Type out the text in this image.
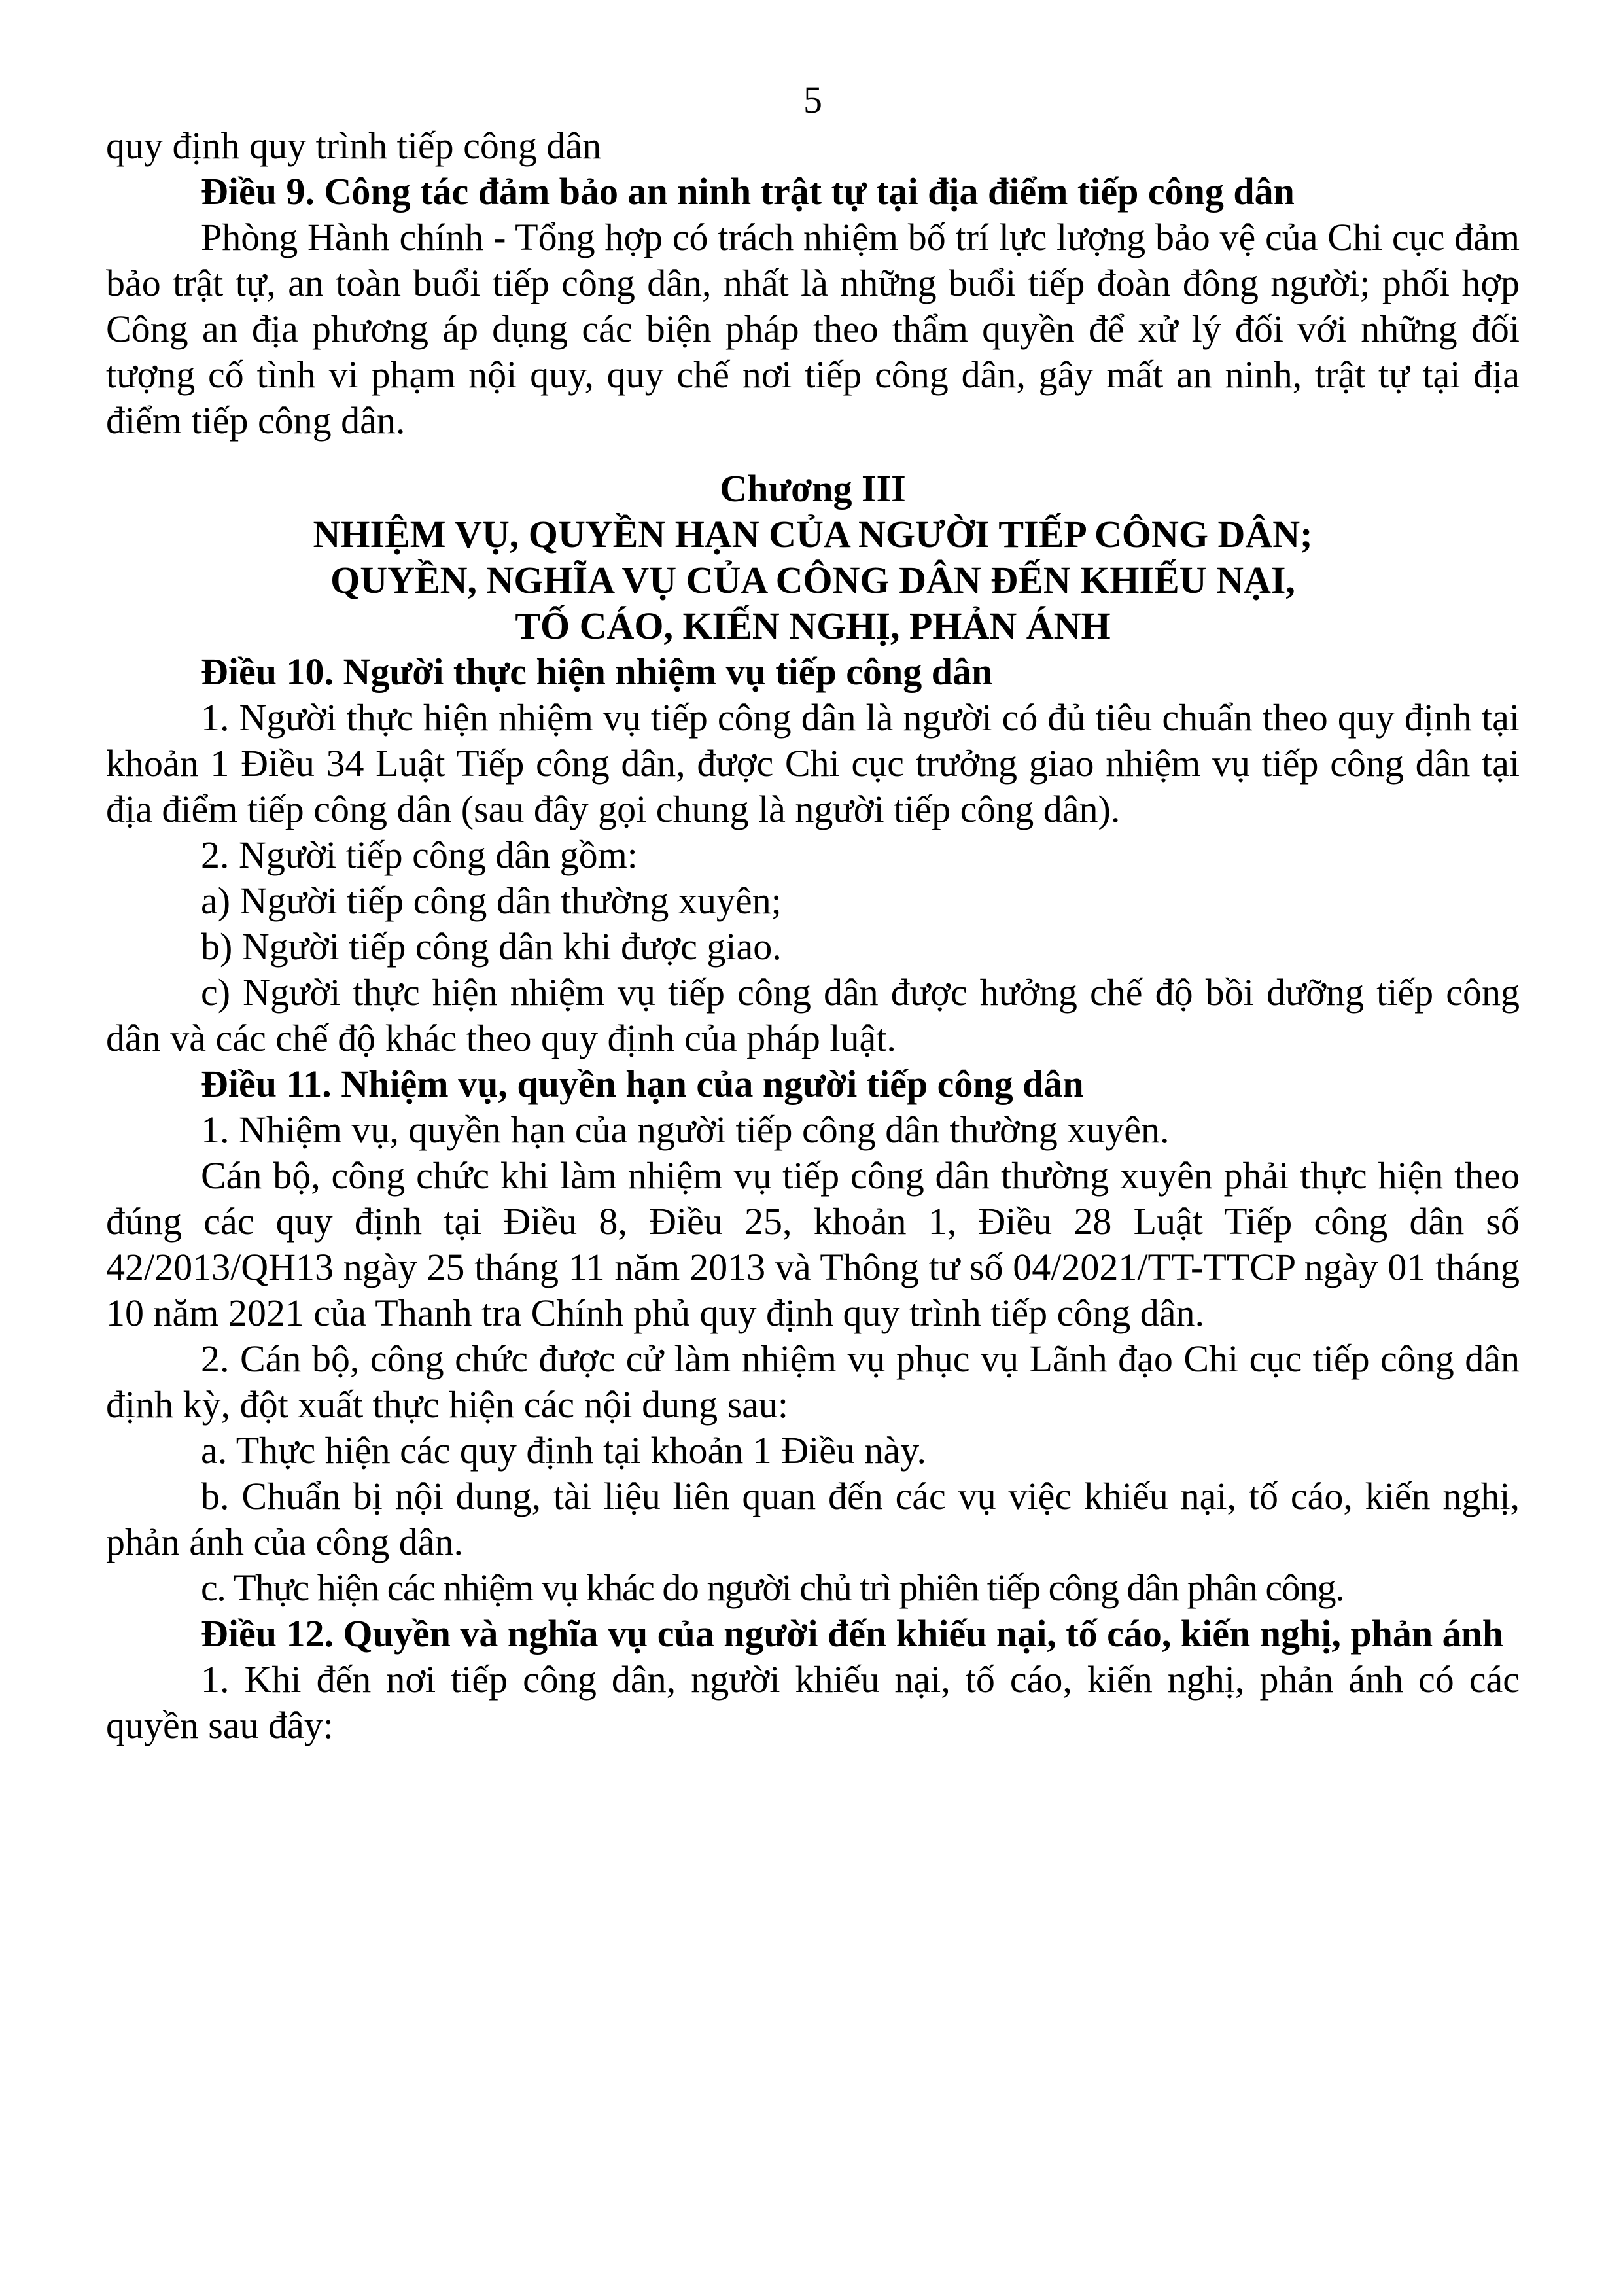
5

quy định quy trình tiếp công dân

Điều 9. Công tác đảm bảo an ninh trật tự tại địa điểm tiếp công dân

Phòng Hành chính - Tổng hợp có trách nhiệm bố trí lực lượng bảo vệ của Chi cục đảm bảo trật tự, an toàn buổi tiếp công dân, nhất là những buổi tiếp đoàn đông người; phối hợp Công an địa phương áp dụng các biện pháp theo thẩm quyền để xử lý đối với những đối tượng cố tình vi phạm nội quy, quy chế nơi tiếp công dân, gây mất an ninh, trật tự tại địa điểm tiếp công dân.

Chương III

NHIỆM VỤ, QUYỀN HẠN CỦA NGƯỜI TIẾP CÔNG DÂN;

QUYỀN, NGHĨA VỤ CỦA CÔNG DÂN ĐẾN KHIẾU NẠI,

TỐ CÁO, KIẾN NGHỊ, PHẢN ÁNH

Điều 10. Người thực hiện nhiệm vụ tiếp công dân

1. Người thực hiện nhiệm vụ tiếp công dân là người có đủ tiêu chuẩn theo quy định tại khoản 1 Điều 34 Luật Tiếp công dân, được Chi cục trưởng giao nhiệm vụ tiếp công dân tại địa điểm tiếp công dân (sau đây gọi chung là người tiếp công dân).

2. Người tiếp công dân gồm:

a) Người tiếp công dân thường xuyên;

b) Người tiếp công dân khi được giao.

c) Người thực hiện nhiệm vụ tiếp công dân được hưởng chế độ bồi dưỡng tiếp công dân và các chế độ khác theo quy định của pháp luật.

Điều 11. Nhiệm vụ, quyền hạn của người tiếp công dân

1. Nhiệm vụ, quyền hạn của người tiếp công dân thường xuyên.

Cán bộ, công chức khi làm nhiệm vụ tiếp công dân thường xuyên phải thực hiện theo đúng các quy định tại Điều 8, Điều 25, khoản 1, Điều 28 Luật Tiếp công dân số 42/2013/QH13 ngày 25 tháng 11 năm 2013 và Thông tư số 04/2021/TT-TTCP ngày 01 tháng 10 năm 2021 của Thanh tra Chính phủ quy định quy trình tiếp công dân.

2. Cán bộ, công chức được cử làm nhiệm vụ phục vụ Lãnh đạo Chi cục tiếp công dân định kỳ, đột xuất thực hiện các nội dung sau:

a. Thực hiện các quy định tại khoản 1 Điều này.

b. Chuẩn bị nội dung, tài liệu liên quan đến các vụ việc khiếu nại, tố cáo, kiến nghị, phản ánh của công dân.

c. Thực hiện các nhiệm vụ khác do người chủ trì phiên tiếp công dân phân công.

Điều 12. Quyền và nghĩa vụ của người đến khiếu nại, tố cáo, kiến nghị, phản ánh

1. Khi đến nơi tiếp công dân, người khiếu nại, tố cáo, kiến nghị, phản ánh có các quyền sau đây:
